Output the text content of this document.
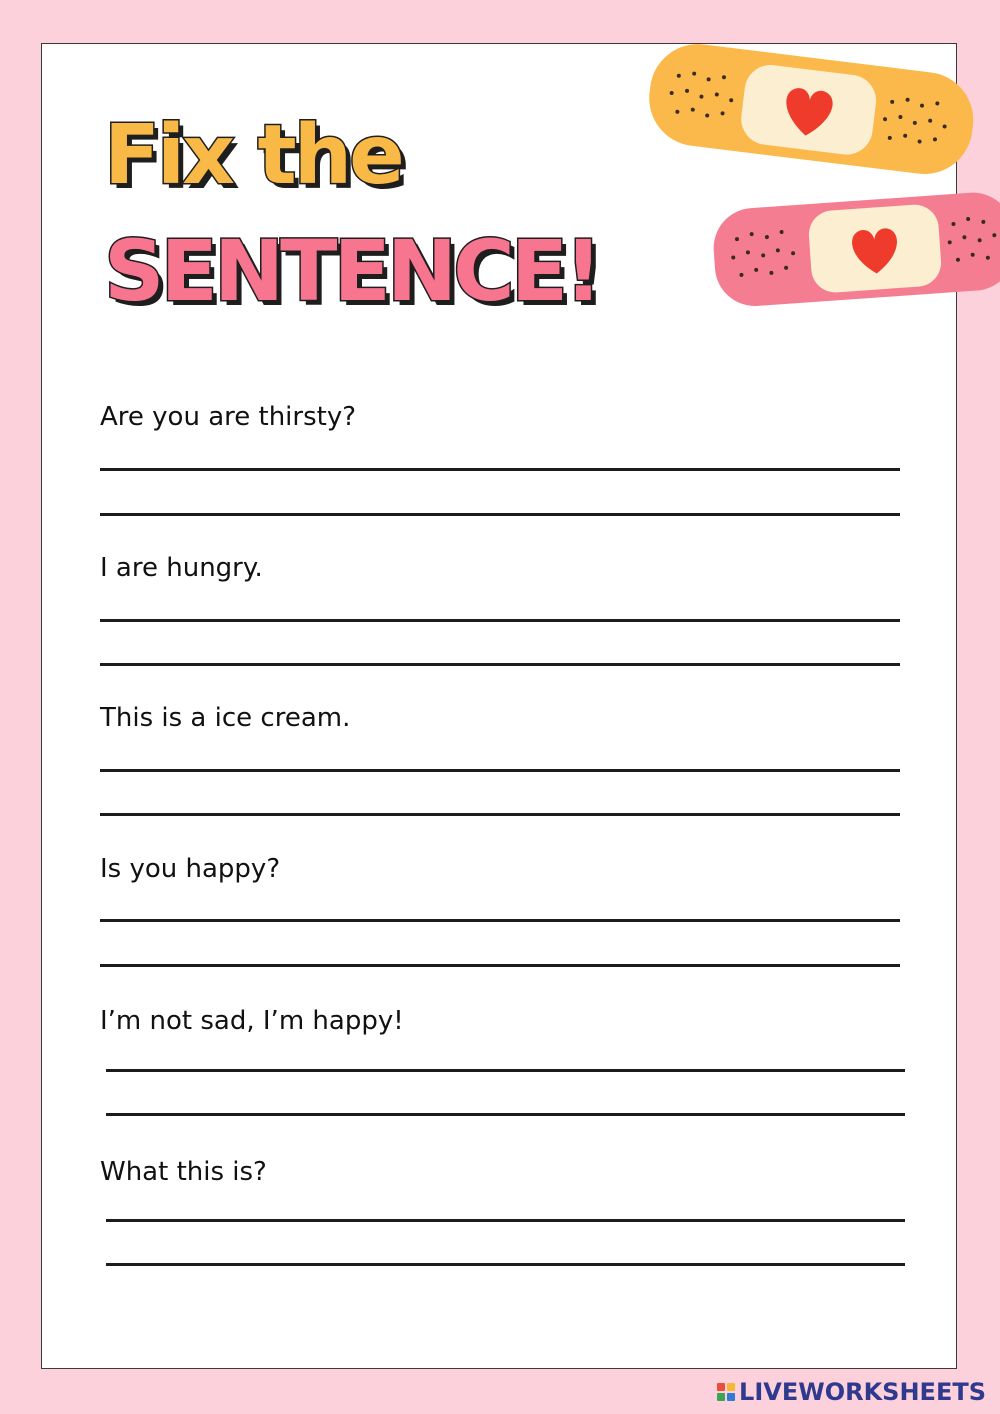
Fix the
SENTENCE!
Are you are thirsty?
I are hungry.
This is a ice cream.
Is you happy?
I’m not sad, I’m happy!
What this is?
LIVEWORKSHEETS
